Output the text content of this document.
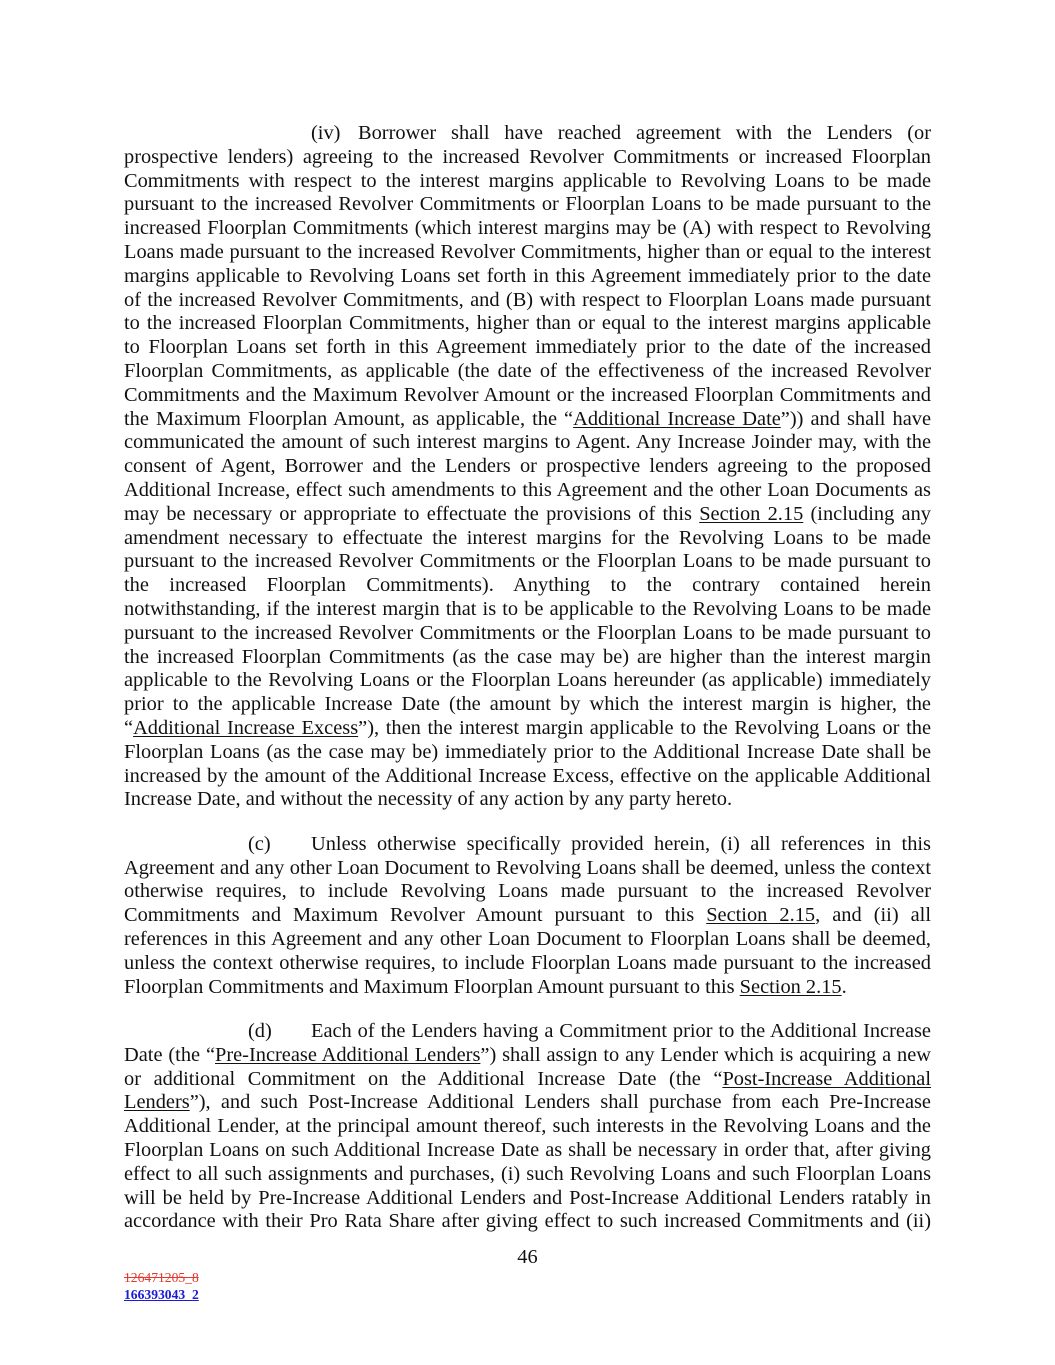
(iv) Borrower shall have reached agreement with the Lenders (or
prospective lenders) agreeing to the increased Revolver Commitments or increased Floorplan
Commitments with respect to the interest margins applicable to Revolving Loans to be made
pursuant to the increased Revolver Commitments or Floorplan Loans to be made pursuant to the
increased Floorplan Commitments (which interest margins may be (A) with respect to Revolving
Loans made pursuant to the increased Revolver Commitments, higher than or equal to the interest
margins applicable to Revolving Loans set forth in this Agreement immediately prior to the date
of the increased Revolver Commitments, and (B) with respect to Floorplan Loans made pursuant
to the increased Floorplan Commitments, higher than or equal to the interest margins applicable
to Floorplan Loans set forth in this Agreement immediately prior to the date of the increased
Floorplan Commitments, as applicable (the date of the effectiveness of the increased Revolver
Commitments and the Maximum Revolver Amount or the increased Floorplan Commitments and
the Maximum Floorplan Amount, as applicable, the “Additional Increase Date”)) and shall have
communicated the amount of such interest margins to Agent. Any Increase Joinder may, with the
consent of Agent, Borrower and the Lenders or prospective lenders agreeing to the proposed
Additional Increase, effect such amendments to this Agreement and the other Loan Documents as
may be necessary or appropriate to effectuate the provisions of this Section 2.15 (including any
amendment necessary to effectuate the interest margins for the Revolving Loans to be made
pursuant to the increased Revolver Commitments or the Floorplan Loans to be made pursuant to
the increased Floorplan Commitments). Anything to the contrary contained herein
notwithstanding, if the interest margin that is to be applicable to the Revolving Loans to be made
pursuant to the increased Revolver Commitments or the Floorplan Loans to be made pursuant to
the increased Floorplan Commitments (as the case may be) are higher than the interest margin
applicable to the Revolving Loans or the Floorplan Loans hereunder (as applicable) immediately
prior to the applicable Increase Date (the amount by which the interest margin is higher, the
“Additional Increase Excess”), then the interest margin applicable to the Revolving Loans or the
Floorplan Loans (as the case may be) immediately prior to the Additional Increase Date shall be
increased by the amount of the Additional Increase Excess, effective on the applicable Additional
Increase Date, and without the necessity of any action by any party hereto.
(c) Unless otherwise specifically provided herein, (i) all references in this
Agreement and any other Loan Document to Revolving Loans shall be deemed, unless the context
otherwise requires, to include Revolving Loans made pursuant to the increased Revolver
Commitments and Maximum Revolver Amount pursuant to this Section 2.15, and (ii) all
references in this Agreement and any other Loan Document to Floorplan Loans shall be deemed,
unless the context otherwise requires, to include Floorplan Loans made pursuant to the increased
Floorplan Commitments and Maximum Floorplan Amount pursuant to this Section 2.15.
(d) Each of the Lenders having a Commitment prior to the Additional Increase
Date (the “Pre-Increase Additional Lenders”) shall assign to any Lender which is acquiring a new
or additional Commitment on the Additional Increase Date (the “Post-Increase Additional
Lenders”), and such Post-Increase Additional Lenders shall purchase from each Pre-Increase
Additional Lender, at the principal amount thereof, such interests in the Revolving Loans and the
Floorplan Loans on such Additional Increase Date as shall be necessary in order that, after giving
effect to all such assignments and purchases, (i) such Revolving Loans and such Floorplan Loans
will be held by Pre-Increase Additional Lenders and Post-Increase Additional Lenders ratably in
accordance with their Pro Rata Share after giving effect to such increased Commitments and (ii)
46
126471205_8
166393043_2
